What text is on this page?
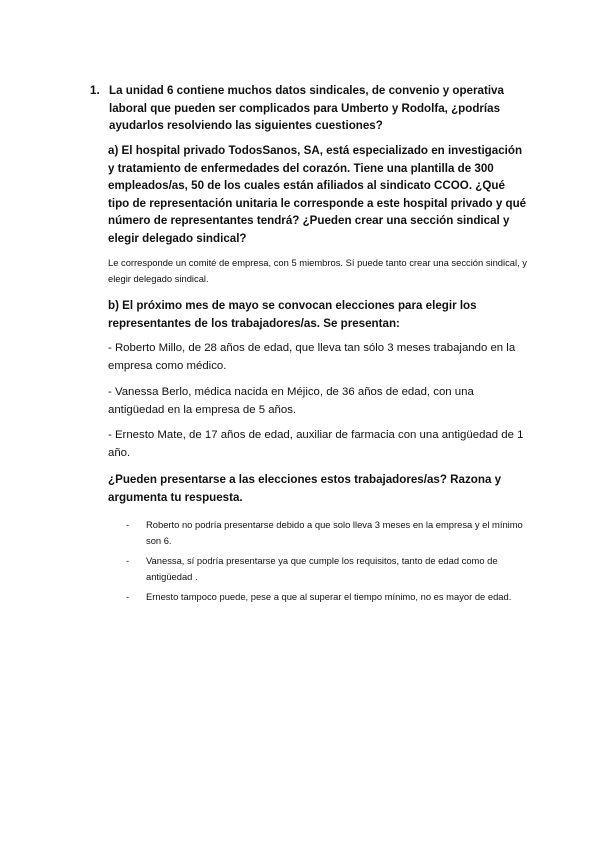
1. La unidad 6 contiene muchos datos sindicales, de convenio y operativa laboral que pueden ser complicados para Umberto y Rodolfa, ¿podrías ayudarlos resolviendo las siguientes cuestiones?
a) El hospital privado TodosSanos, SA, está especializado en investigación y tratamiento de enfermedades del corazón. Tiene una plantilla de 300 empleados/as, 50 de los cuales están afiliados al sindicato CCOO. ¿Qué tipo de representación unitaria le corresponde a este hospital privado y qué número de representantes tendrá? ¿Pueden crear una sección sindical y elegir delegado sindical?
Le corresponde un comité de empresa, con 5 miembros. Sí puede tanto crear una sección sindical, y elegir delegado sindical.
b) El próximo mes de mayo se convocan elecciones para elegir los representantes de los trabajadores/as. Se presentan:
- Roberto Millo, de 28 años de edad, que lleva tan sólo 3 meses trabajando en la empresa como médico.
- Vanessa Berlo, médica nacida en Méjico, de 36 años de edad, con una antigüedad en la empresa de 5 años.
- Ernesto Mate, de 17 años de edad, auxiliar de farmacia con una antigüedad de 1 año.
¿Pueden presentarse a las elecciones estos trabajadores/as? Razona y argumenta tu respuesta.
- Roberto no podría presentarse debido a que solo lleva 3 meses en la empresa y el mínimo son 6.
- Vanessa, sí podría presentarse ya que cumple los requisitos, tanto de edad como de antigüedad .
- Ernesto tampoco puede, pese a que al superar el tiempo mínimo, no es mayor de edad.
